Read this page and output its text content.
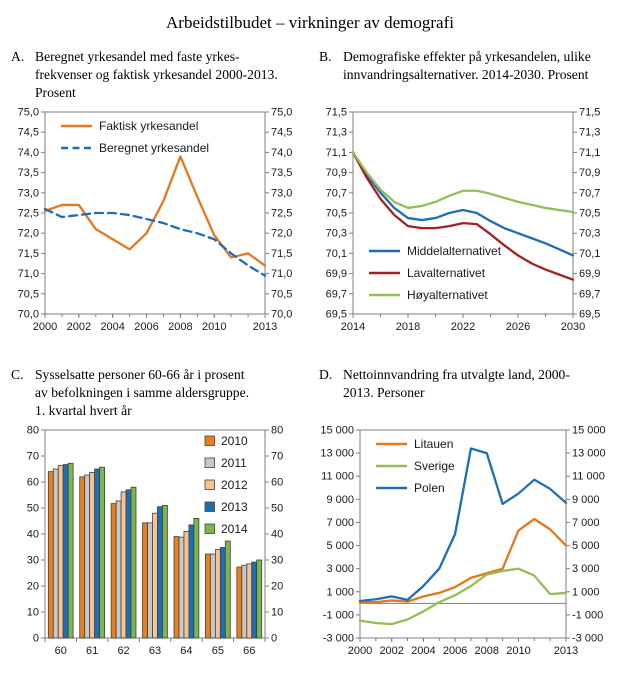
Arbeidstilbudet – virkninger av demografi
A. Beregnet yrkesandel med faste yrkes-
frekvenser og faktisk yrkesandel 2000-2013.
Prosent
70,0	70,0
70,5	70,5
71,0	71,0
71,5	71,5
72,0	72,0
72,5	72,5
73,0	73,0
73,5	73,5
74,0	74,0
74,5	74,5
75,0	75,0
2000 2002 2004 2006 2008 2010 2013
Faktisk yrkesandel
Beregnet yrkesandel
B. Demografiske effekter på yrkesandelen, ulike
innvandringsalternativer. 2014-2030. Prosent
69,5	69,5
69,7	69,7
69,9	69,9
70,1	70,1
70,3	70,3
70,5	70,5
70,7	70,7
70,9	70,9
71,1	71,1
71,3	71,3
71,5	71,5
2014	2018	2022	2026	2030
Middelalternativet
Lavalternativet
Høyalternativet
C. Sysselsatte personer 60-66 år i prosent
av befolkningen i samme aldersgruppe.
1. kvartal hvert år
0	0
10	10
20	20
30	30
40	40
50	50
60	60
70	70
80	80
60 61 62 63 64 65 66
2010
2011
2012
2013
2014
D. Nettoinnvandring fra utvalgte land, 2000-
2013. Personer
-3 000	-3 000
-1 000	-1 000
1 000	1 000
3 000	3 000
5 000	5 000
7 000	7 000
9 000	9 000
11 000	11 000
13 000	13 000
15 000	15 000
2000 2002 2004 2006 2008 2010 2013
Litauen
Sverige
Polen
